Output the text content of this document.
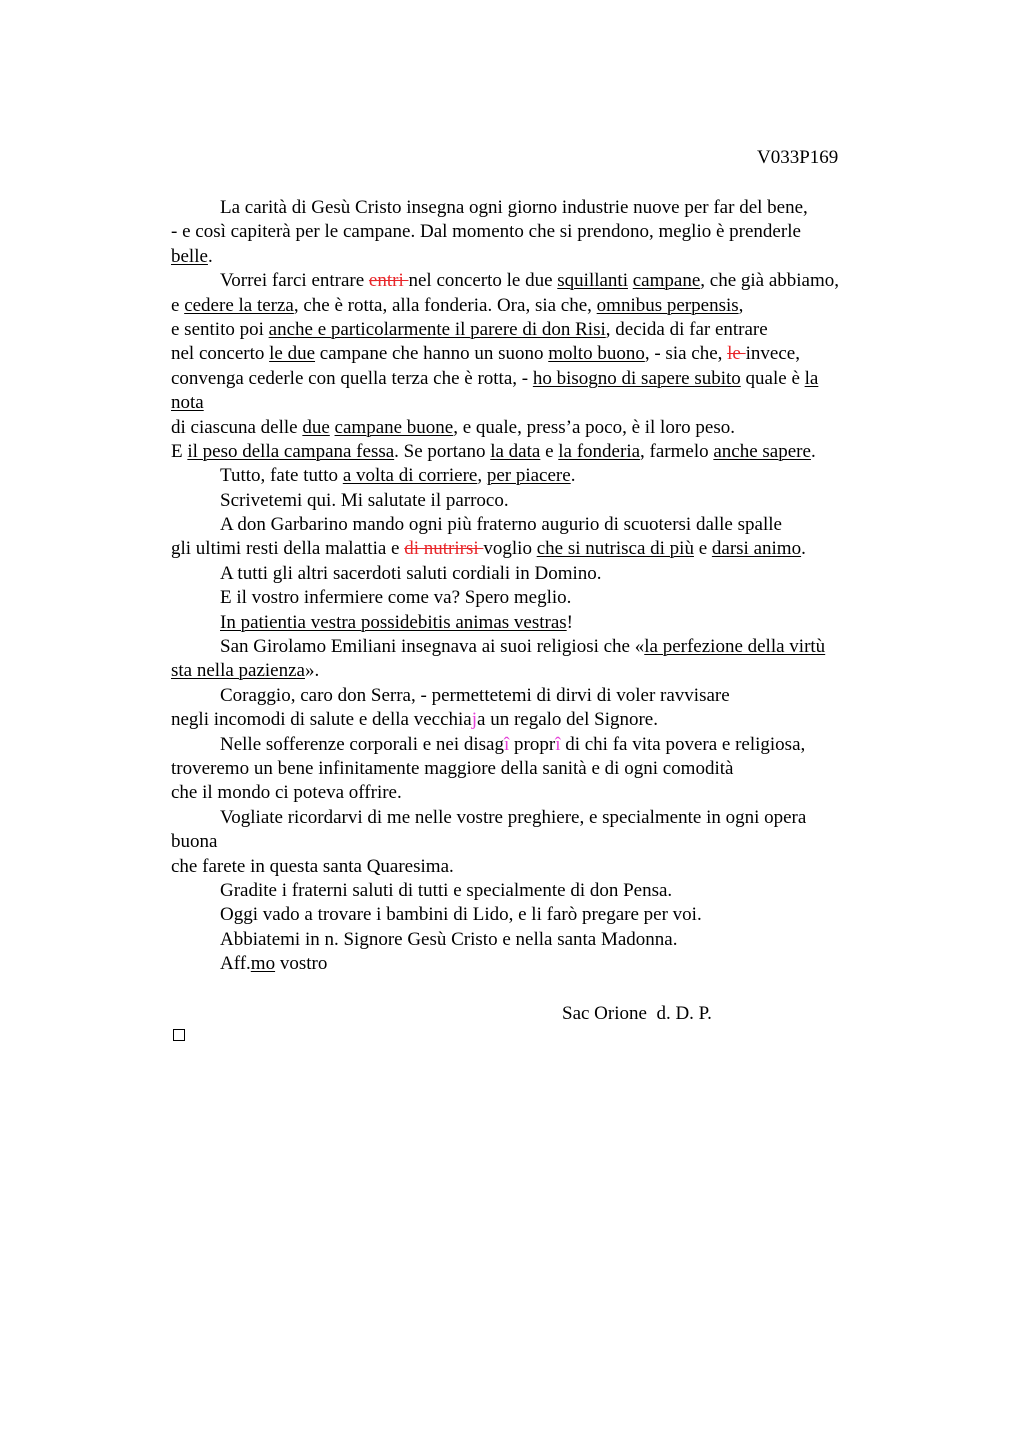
V033P169
La carità di Gesù Cristo insegna ogni giorno industrie nuove per far del bene,
- e così capiterà per le campane. Dal momento che si prendono, meglio è prenderle
belle.
Vorrei farci entrare entri nel concerto le due squillanti campane, che già abbiamo,
e cedere la terza, che è rotta, alla fonderia. Ora, sia che, omnibus perpensis,
e sentito poi anche e particolarmente il parere di don Risi, decida di far entrare
nel concerto le due campane che hanno un suono molto buono, - sia che, le invece,
convenga cederle con quella terza che è rotta, - ho bisogno di sapere subito quale è la
nota
di ciascuna delle due campane buone, e quale, press’a poco, è il loro peso.
E il peso della campana fessa. Se portano la data e la fonderia, farmelo anche sapere.
Tutto, fate tutto a volta di corriere, per piacere.
Scrivetemi qui. Mi salutate il parroco.
A don Garbarino mando ogni più fraterno augurio di scuotersi dalle spalle
gli ultimi resti della malattia e di nutrirsi voglio che si nutrisca di più e darsi animo.
A tutti gli altri sacerdoti saluti cordiali in Domino.
E il vostro infermiere come va? Spero meglio.
In patientia vestra possidebitis animas vestras!
San Girolamo Emiliani insegnava ai suoi religiosi che «la perfezione della virtù
sta nella pazienza».
Coraggio, caro don Serra, - permettetemi di dirvi di voler ravvisare
negli incomodi di salute e della vecchiaja un regalo del Signore.
Nelle sofferenze corporali e nei disagî proprî di chi fa vita povera e religiosa,
troveremo un bene infinitamente maggiore della sanità e di ogni comodità
che il mondo ci poteva offrire.
Vogliate ricordarvi di me nelle vostre preghiere, e specialmente in ogni opera
buona
che farete in questa santa Quaresima.
Gradite i fraterni saluti di tutti e specialmente di don Pensa.
Oggi vado a trovare i bambini di Lido, e li farò pregare per voi.
Abbiatemi in n. Signore Gesù Cristo e nella santa Madonna.
Aff.mo vostro
Sac Orione  d. D. P.
